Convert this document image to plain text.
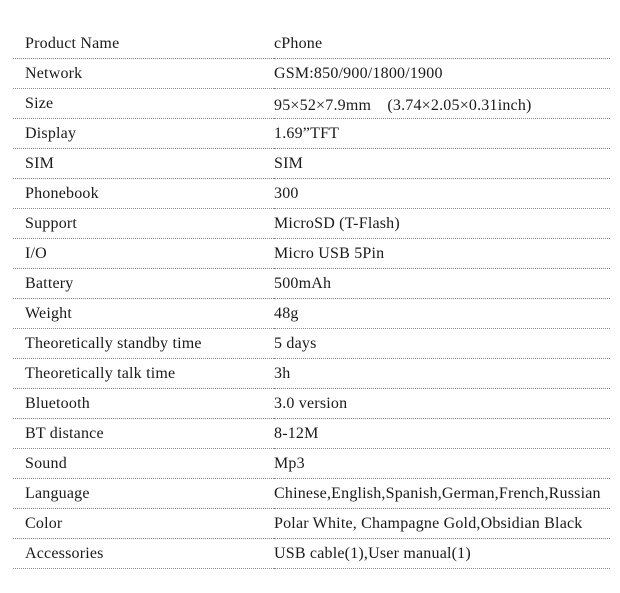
Product Name	cPhone
Network	GSM:850/900/1800/1900
Size	95×52×7.9mm　(3.74×2.05×0.31inch)
Display	1.69”TFT
SIM	SIM
Phonebook	300
Support	MicroSD (T-Flash)
I/O	Micro USB 5Pin
Battery	500mAh
Weight	48g
Theoretically standby time	5 days
Theoretically talk time	3h
Bluetooth	3.0 version
BT distance	8-12M
Sound	Mp3
Language	Chinese,English,Spanish,German,French,Russian
Color	Polar White, Champagne Gold,Obsidian Black
Accessories	USB cable(1),User manual(1)
